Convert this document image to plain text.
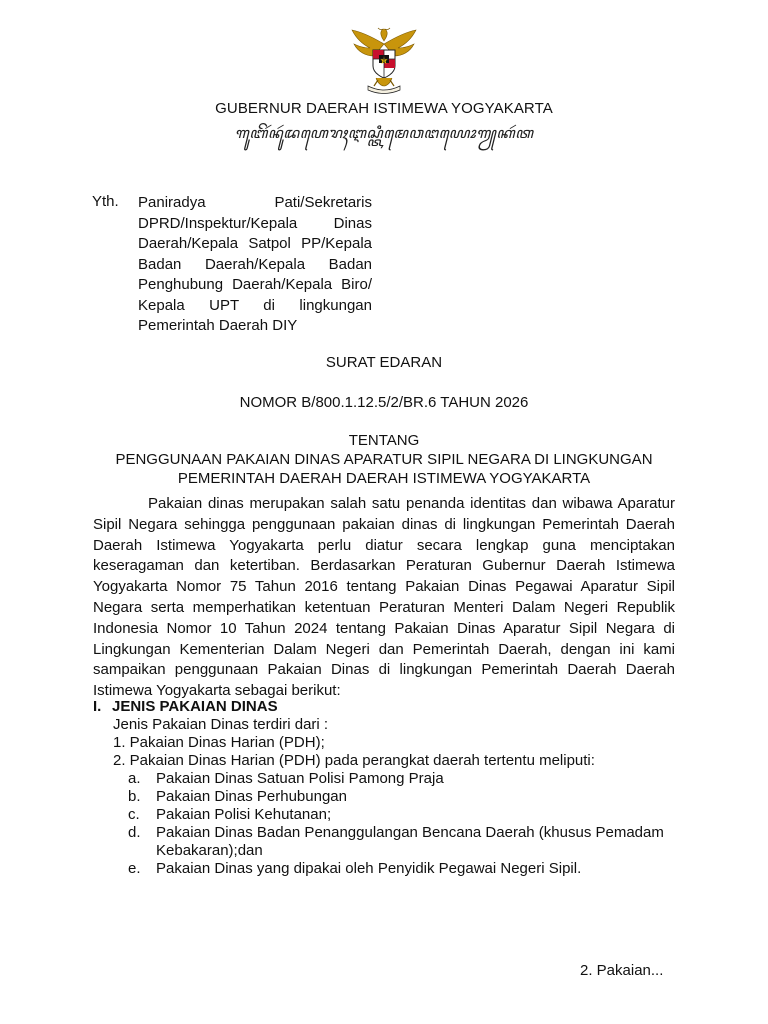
GUBERNUR DAERAH ISTIMEWA YOGYAKARTA
ꦒꦸꦧꦼꦂꦤꦸꦂꦢꦲꦺꦫꦃꦆꦱ꧀ꦠꦶꦩꦺꦮꦔꦪꦺꦴꦒꦾꦏꦂꦠ
Yth. Paniradya Pati/Sekretaris DPRD/Inspektur/Kepala Dinas Daerah/Kepala Satpol PP/Kepala Badan Daerah/Kepala Badan Penghubung Daerah/Kepala Biro/ Kepala UPT di lingkungan Pemerintah Daerah DIY
SURAT EDARAN
NOMOR B/800.1.12.5/2/BR.6 TAHUN 2026
TENTANG
PENGGUNAAN PAKAIAN DINAS APARATUR SIPIL NEGARA DI LINGKUNGAN
PEMERINTAH DAERAH DAERAH ISTIMEWA YOGYAKARTA

Pakaian dinas merupakan salah satu penanda identitas dan wibawa Aparatur Sipil Negara sehingga penggunaan pakaian dinas di lingkungan Pemerintah Daerah Daerah Istimewa Yogyakarta perlu diatur secara lengkap guna menciptakan keseragaman dan ketertiban. Berdasarkan Peraturan Gubernur Daerah Istimewa Yogyakarta Nomor 75 Tahun 2016 tentang Pakaian Dinas Pegawai Aparatur Sipil Negara serta memperhatikan ketentuan Peraturan Menteri Dalam Negeri Republik Indonesia Nomor 10 Tahun 2024 tentang Pakaian Dinas Aparatur Sipil Negara di Lingkungan Kementerian Dalam Negeri dan Pemerintah Daerah, dengan ini kami sampaikan penggunaan Pakaian Dinas di lingkungan Pemerintah Daerah Daerah Istimewa Yogyakarta sebagai berikut:

I. JENIS PAKAIAN DINAS
Jenis Pakaian Dinas terdiri dari :
1. Pakaian Dinas Harian (PDH);
2. Pakaian Dinas Harian (PDH) pada perangkat daerah tertentu meliputi:
a. Pakaian Dinas Satuan Polisi Pamong Praja
b. Pakaian Dinas Perhubungan
c. Pakaian Polisi Kehutanan;
d. Pakaian Dinas Badan Penanggulangan Bencana Daerah (khusus Pemadam Kebakaran);dan
e. Pakaian Dinas yang dipakai oleh Penyidik Pegawai Negeri Sipil.
2. Pakaian...
